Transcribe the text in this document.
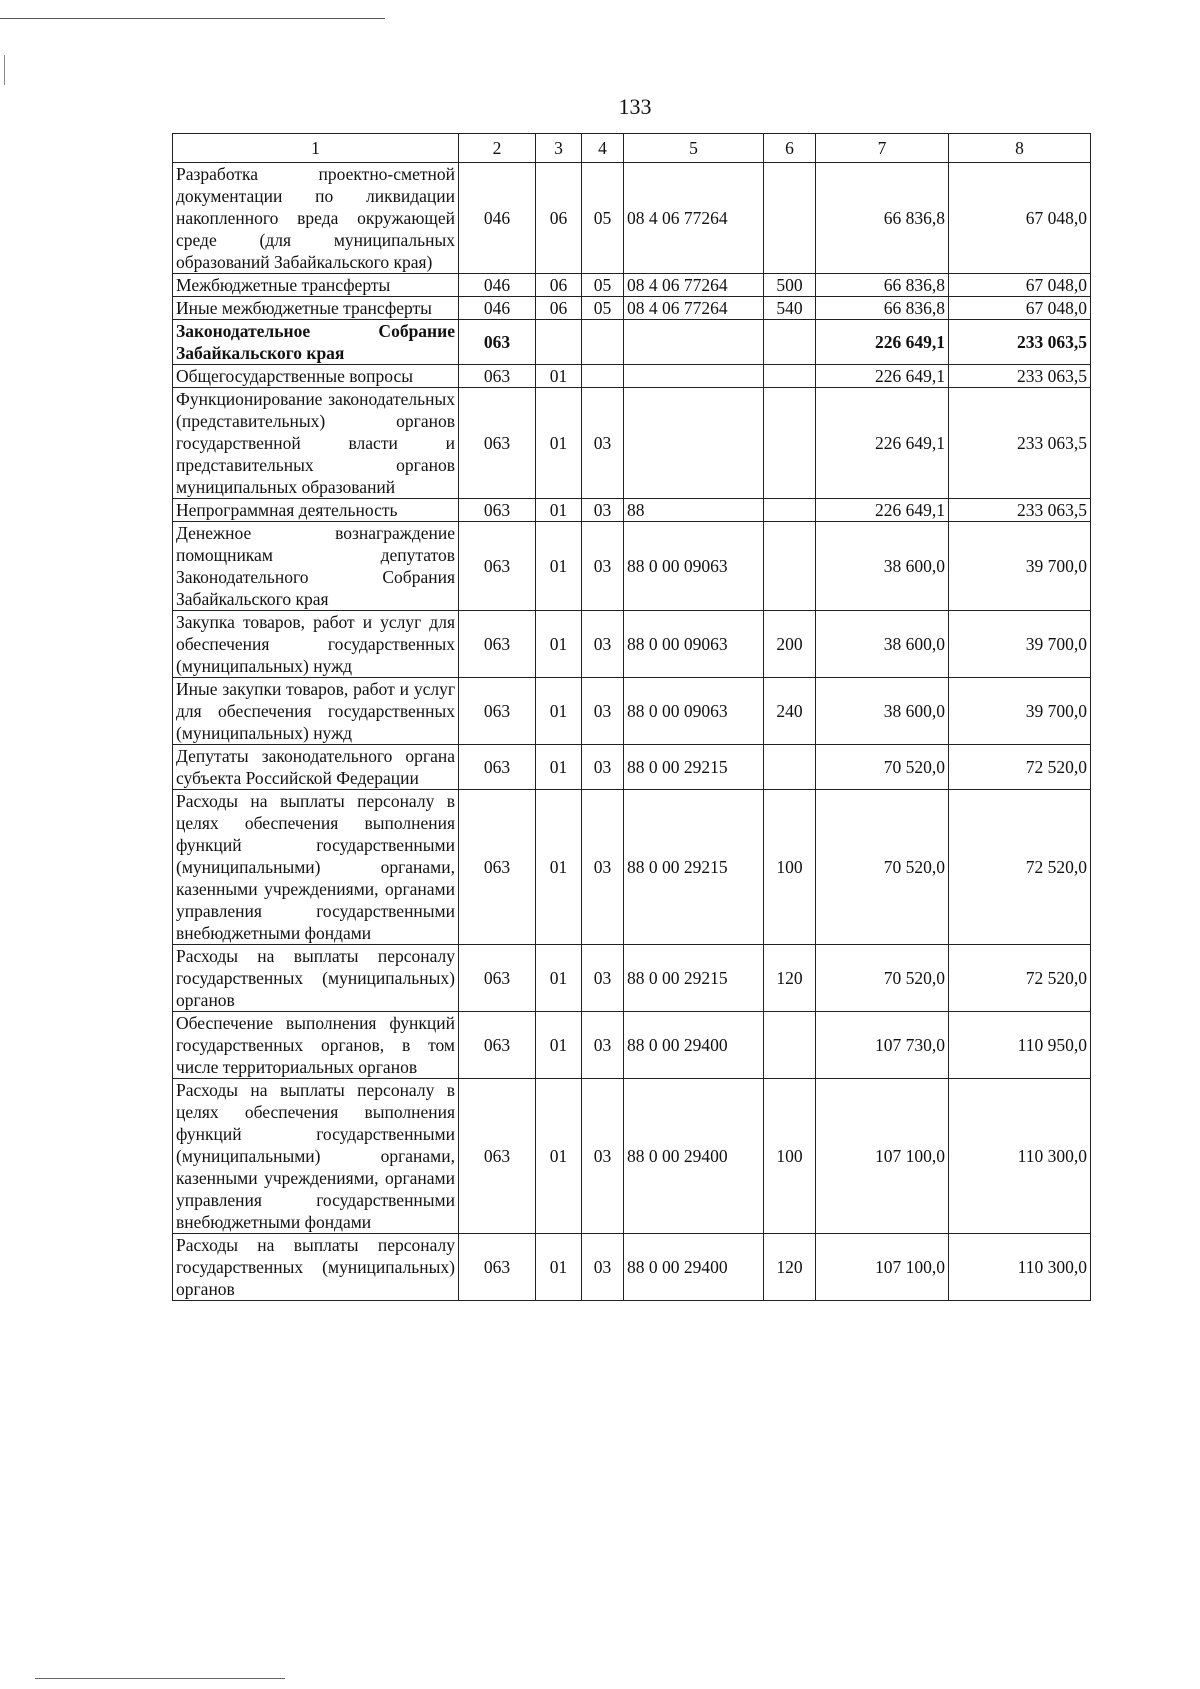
133
1	2	3	4	5	6	7	8
Разработка проектно-сметной документации по ликвидации накопленного вреда окружающей среде (для муниципальных образований Забайкальского края)	046	06	05	08 4 06 77264		66 836,8	67 048,0
Межбюджетные трансферты	046	06	05	08 4 06 77264	500	66 836,8	67 048,0
Иные межбюджетные трансферты	046	06	05	08 4 06 77264	540	66 836,8	67 048,0
Законодательное Собрание Забайкальского края	063					226 649,1	233 063,5
Общегосударственные вопросы	063	01				226 649,1	233 063,5
Функционирование законодательных (представительных) органов государственной власти и представительных органов муниципальных образований	063	01	03			226 649,1	233 063,5
Непрограммная деятельность	063	01	03	88		226 649,1	233 063,5
Денежное вознаграждение помощникам депутатов Законодательного Собрания Забайкальского края	063	01	03	88 0 00 09063		38 600,0	39 700,0
Закупка товаров, работ и услуг для обеспечения государственных (муниципальных) нужд	063	01	03	88 0 00 09063	200	38 600,0	39 700,0
Иные закупки товаров, работ и услуг для обеспечения государственных (муниципальных) нужд	063	01	03	88 0 00 09063	240	38 600,0	39 700,0
Депутаты законодательного органа субъекта Российской Федерации	063	01	03	88 0 00 29215		70 520,0	72 520,0
Расходы на выплаты персоналу в целях обеспечения выполнения функций государственными (муниципальными) органами, казенными учреждениями, органами управления государственными внебюджетными фондами	063	01	03	88 0 00 29215	100	70 520,0	72 520,0
Расходы на выплаты персоналу государственных (муниципальных) органов	063	01	03	88 0 00 29215	120	70 520,0	72 520,0
Обеспечение выполнения функций государственных органов, в том числе территориальных органов	063	01	03	88 0 00 29400		107 730,0	110 950,0
Расходы на выплаты персоналу в целях обеспечения выполнения функций государственными (муниципальными) органами, казенными учреждениями, органами управления государственными внебюджетными фондами	063	01	03	88 0 00 29400	100	107 100,0	110 300,0
Расходы на выплаты персоналу государственных (муниципальных) органов	063	01	03	88 0 00 29400	120	107 100,0	110 300,0
